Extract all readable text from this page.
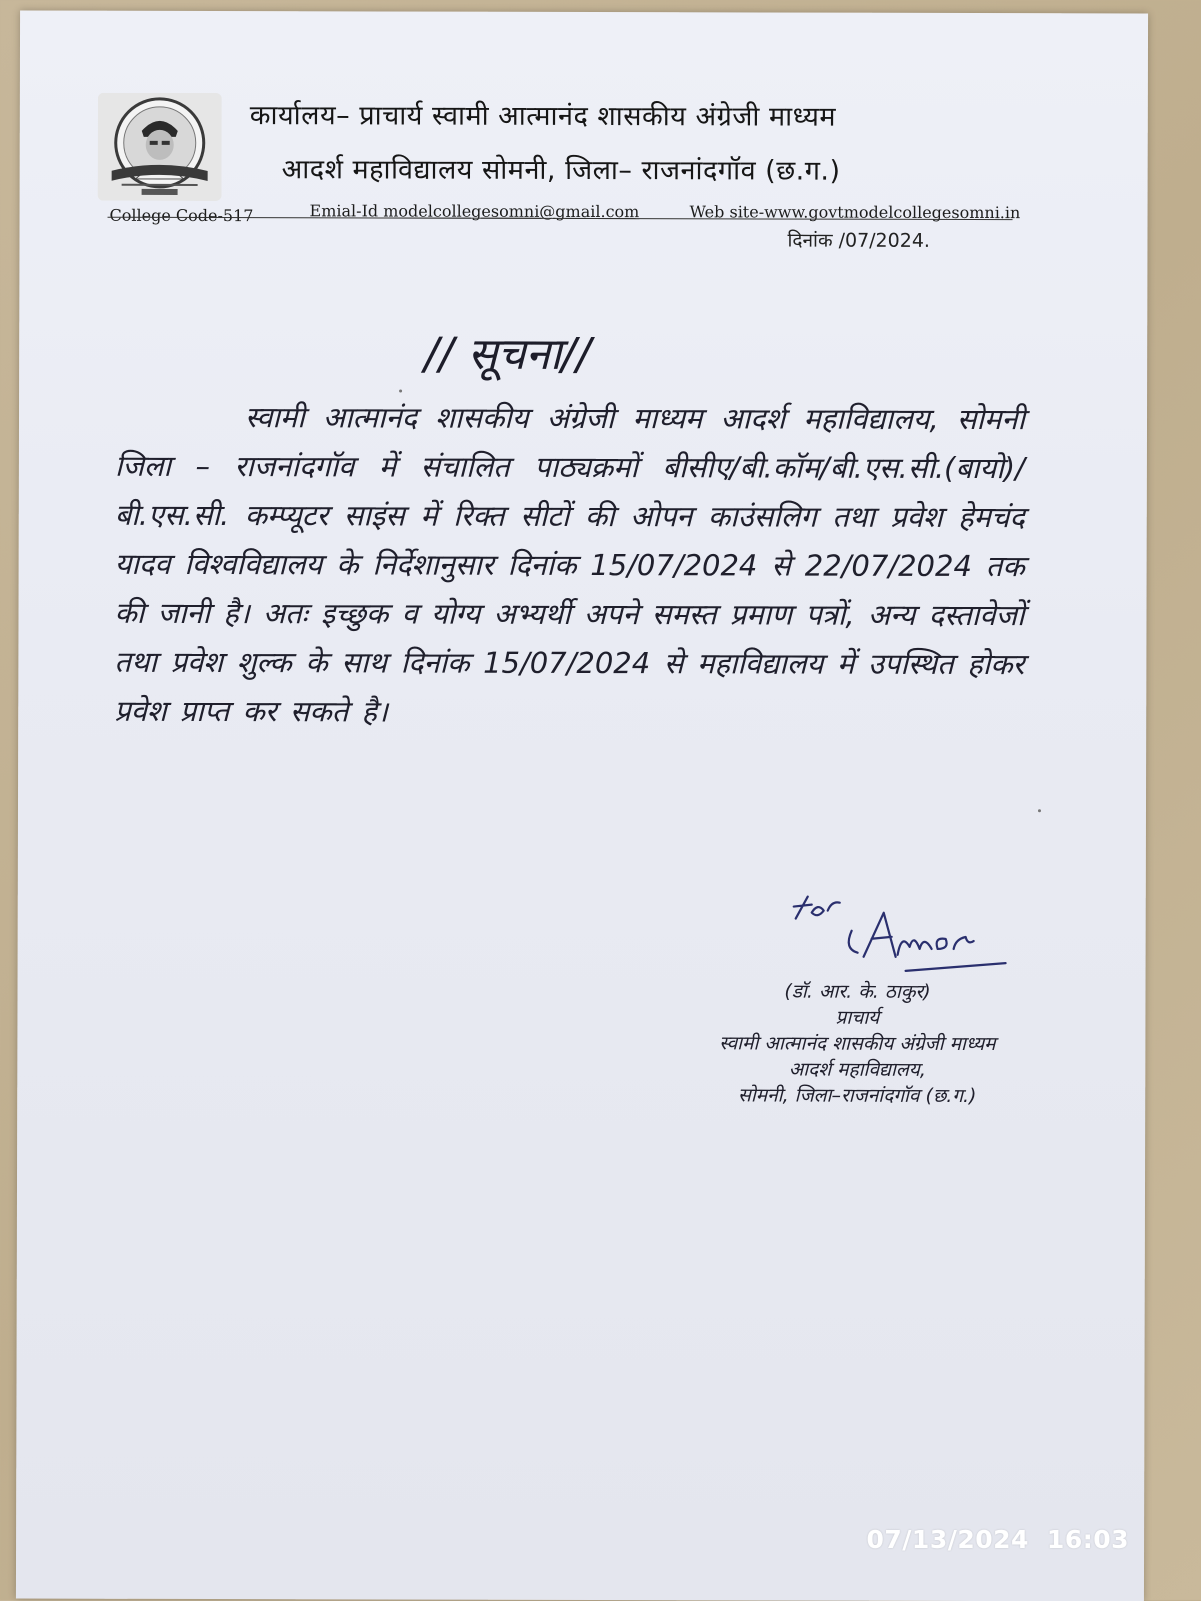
कार्यालय– प्राचार्य स्वामी आत्मानंद शासकीय अंग्रेजी माध्यम
आदर्श महाविद्यालय सोमनी, जिला– राजनांदगॉव (छ.ग.)
College Code-517	Emial-Id modelcollegesomni@gmail.com	Web site-www.govtmodelcollegesomni.in
दिनांक /07/2024.
// सूचना//
स्वामी आत्मानंद शासकीय अंग्रेजी माध्यम आदर्श महाविद्यालय, सोमनी जिला – राजनांदगॉव में संचालित पाठ्यक्रमों बीसीए/बी.कॉम/बी.एस.सी.(बायो)/बी.एस.सी. कम्प्यूटर साइंस में रिक्त सीटों की ओपन काउंसलिग तथा प्रवेश हेमचंद यादव विश्वविद्यालय के निर्देशानुसार दिनांक 15/07/2024 से 22/07/2024 तक की जानी है। अतः इच्छुक व योग्य अभ्यर्थी अपने समस्त प्रमाण पत्रों, अन्य दस्तावेजों तथा प्रवेश शुल्क के साथ दिनांक 15/07/2024 से महाविद्यालय में उपस्थित होकर प्रवेश प्राप्त कर सकते है।
(डॉ. आर. के. ठाकुर)
प्राचार्य
स्वामी आत्मानंद शासकीय अंग्रेजी माध्यम
आदर्श महाविद्यालय,
सोमनी, जिला–राजनांदगॉव (छ.ग.)
07/13/2024 16:03
